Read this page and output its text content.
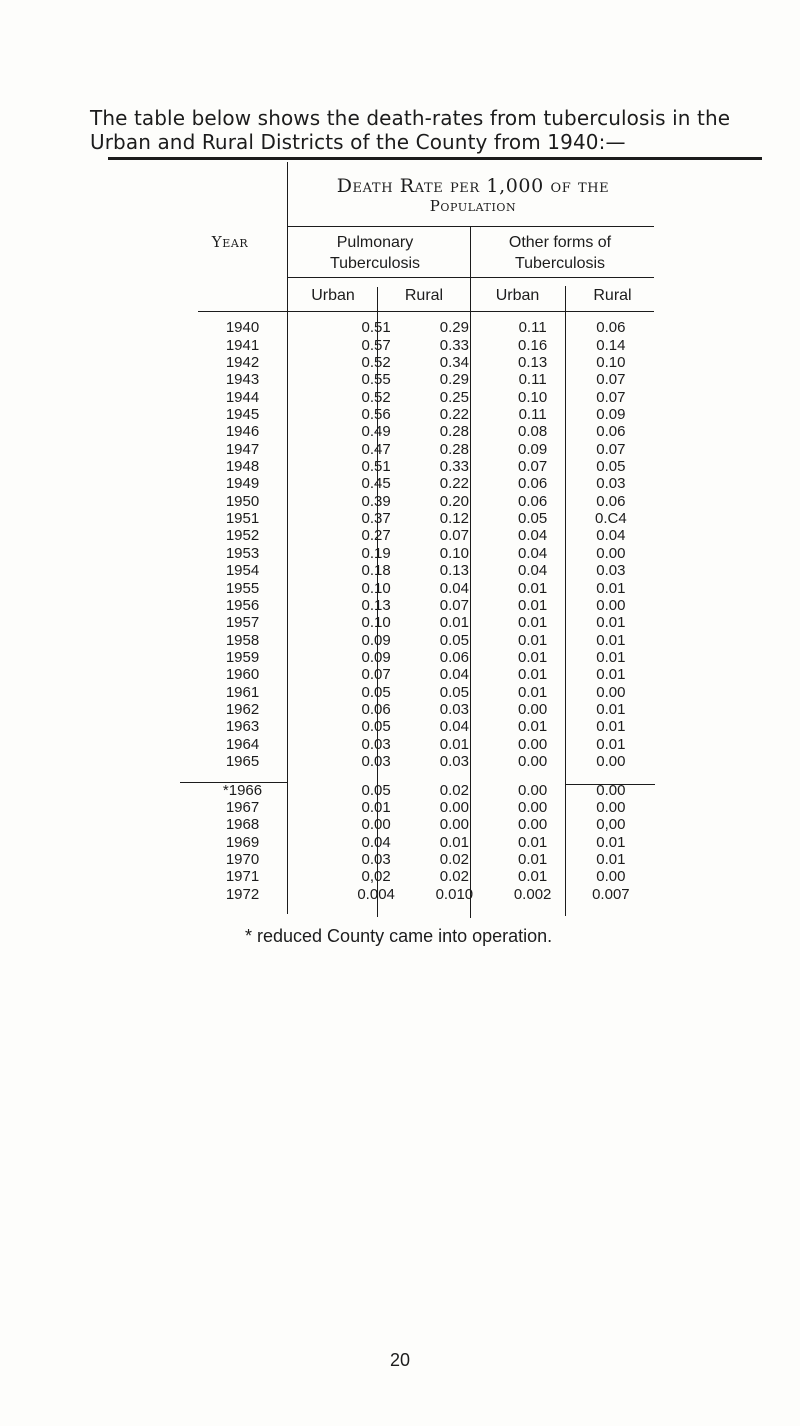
The table below shows the death-rates from tuberculosis in the Urban and Rural Districts of the County from 1940:—
Death Rate per 1,000 of the
Population
Year	Pulmonary Tuberculosis
Other forms of Tuberculosis
Urban	Rural	Urban	Rural
1940	0.51	0.29	0.11	0.06
1941	0.57	0.33	0.16	0.14
1942	0.52	0.34	0.13	0.10
1943	0.55	0.29	0.11	0.07
1944	0.52	0.25	0.10	0.07
1945	0.56	0.22	0.11	0.09
1946	0.49	0.28	0.08	0.06
1947	0.47	0.28	0.09	0.07
1948	0.51	0.33	0.07	0.05
1949	0.45	0.22	0.06	0.03
1950	0.39	0.20	0.06	0.06
1951	0.37	0.12	0.05	0.C4
1952	0.27	0.07	0.04	0.04
1953	0.19	0.10	0.04	0.00
1954	0.18	0.13	0.04	0.03
1955	0.10	0.04	0.01	0.01
1956	0.13	0.07	0.01	0.00
1957	0.10	0.01	0.01	0.01
1958	0.09	0.05	0.01	0.01
1959	0.09	0.06	0.01	0.01
1960	0.07	0.04	0.01	0.01
1961	0.05	0.05	0.01	0.00
1962	0.06	0.03	0.00	0.01
1963	0.05	0.04	0.01	0.01
1964	0.03	0.01	0.00	0.01
1965	0.03	0.03	0.00	0.00
*1966	0.05	0.02	0.00	0.00
1967	0.01	0.00	0.00	0.00
1968	0.00	0.00	0.00	0,00
1969	0.04	0.01	0.01	0.01
1970	0.03	0.02	0.01	0.01
1971	0,02	0.02	0.01	0.00
1972	0.004	0.010	0.002	0.007
* reduced County came into operation.
20
